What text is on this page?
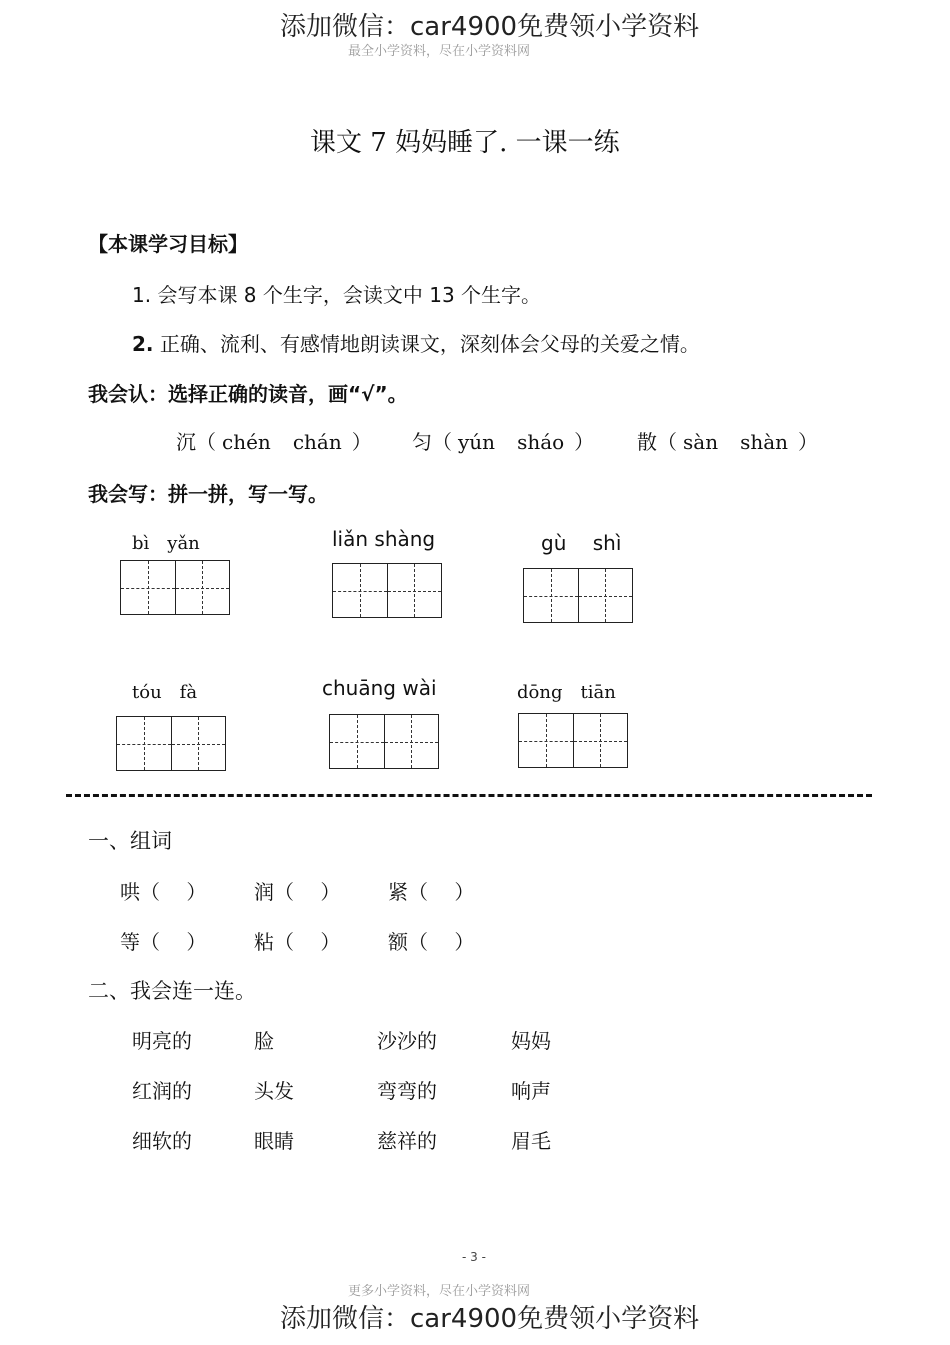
添加微信：car4900免费领小学资料
最全小学资料，尽在小学资料网
课文 7 妈妈睡了. 一课一练
【本课学习目标】
1. 会写本课 8 个生字，会读文中 13 个生字。
2. 正确、流利、有感情地朗读课文，深刻体会父母的关爱之情。
我会认：选择正确的读音，画“√”。
沉（ chén chán ） 匀（ yún sháo ） 散（ sàn shàn ）
我会写：拼一拼，写一写。
bì　yǎn	liǎn shàng	gù　 shì
tóu　fà	chuāng wài	dōng　tiān
一、组词
哄（　 ） 润（　 ） 紧（　 ）
等（　 ） 粘（　 ） 额（　 ）
二、我会连一连。
明亮的	脸	沙沙的	妈妈
红润的	头发	弯弯的	响声
细软的	眼睛	慈祥的	眉毛
- 3 -
更多小学资料，尽在小学资料网
添加微信：car4900免费领小学资料
